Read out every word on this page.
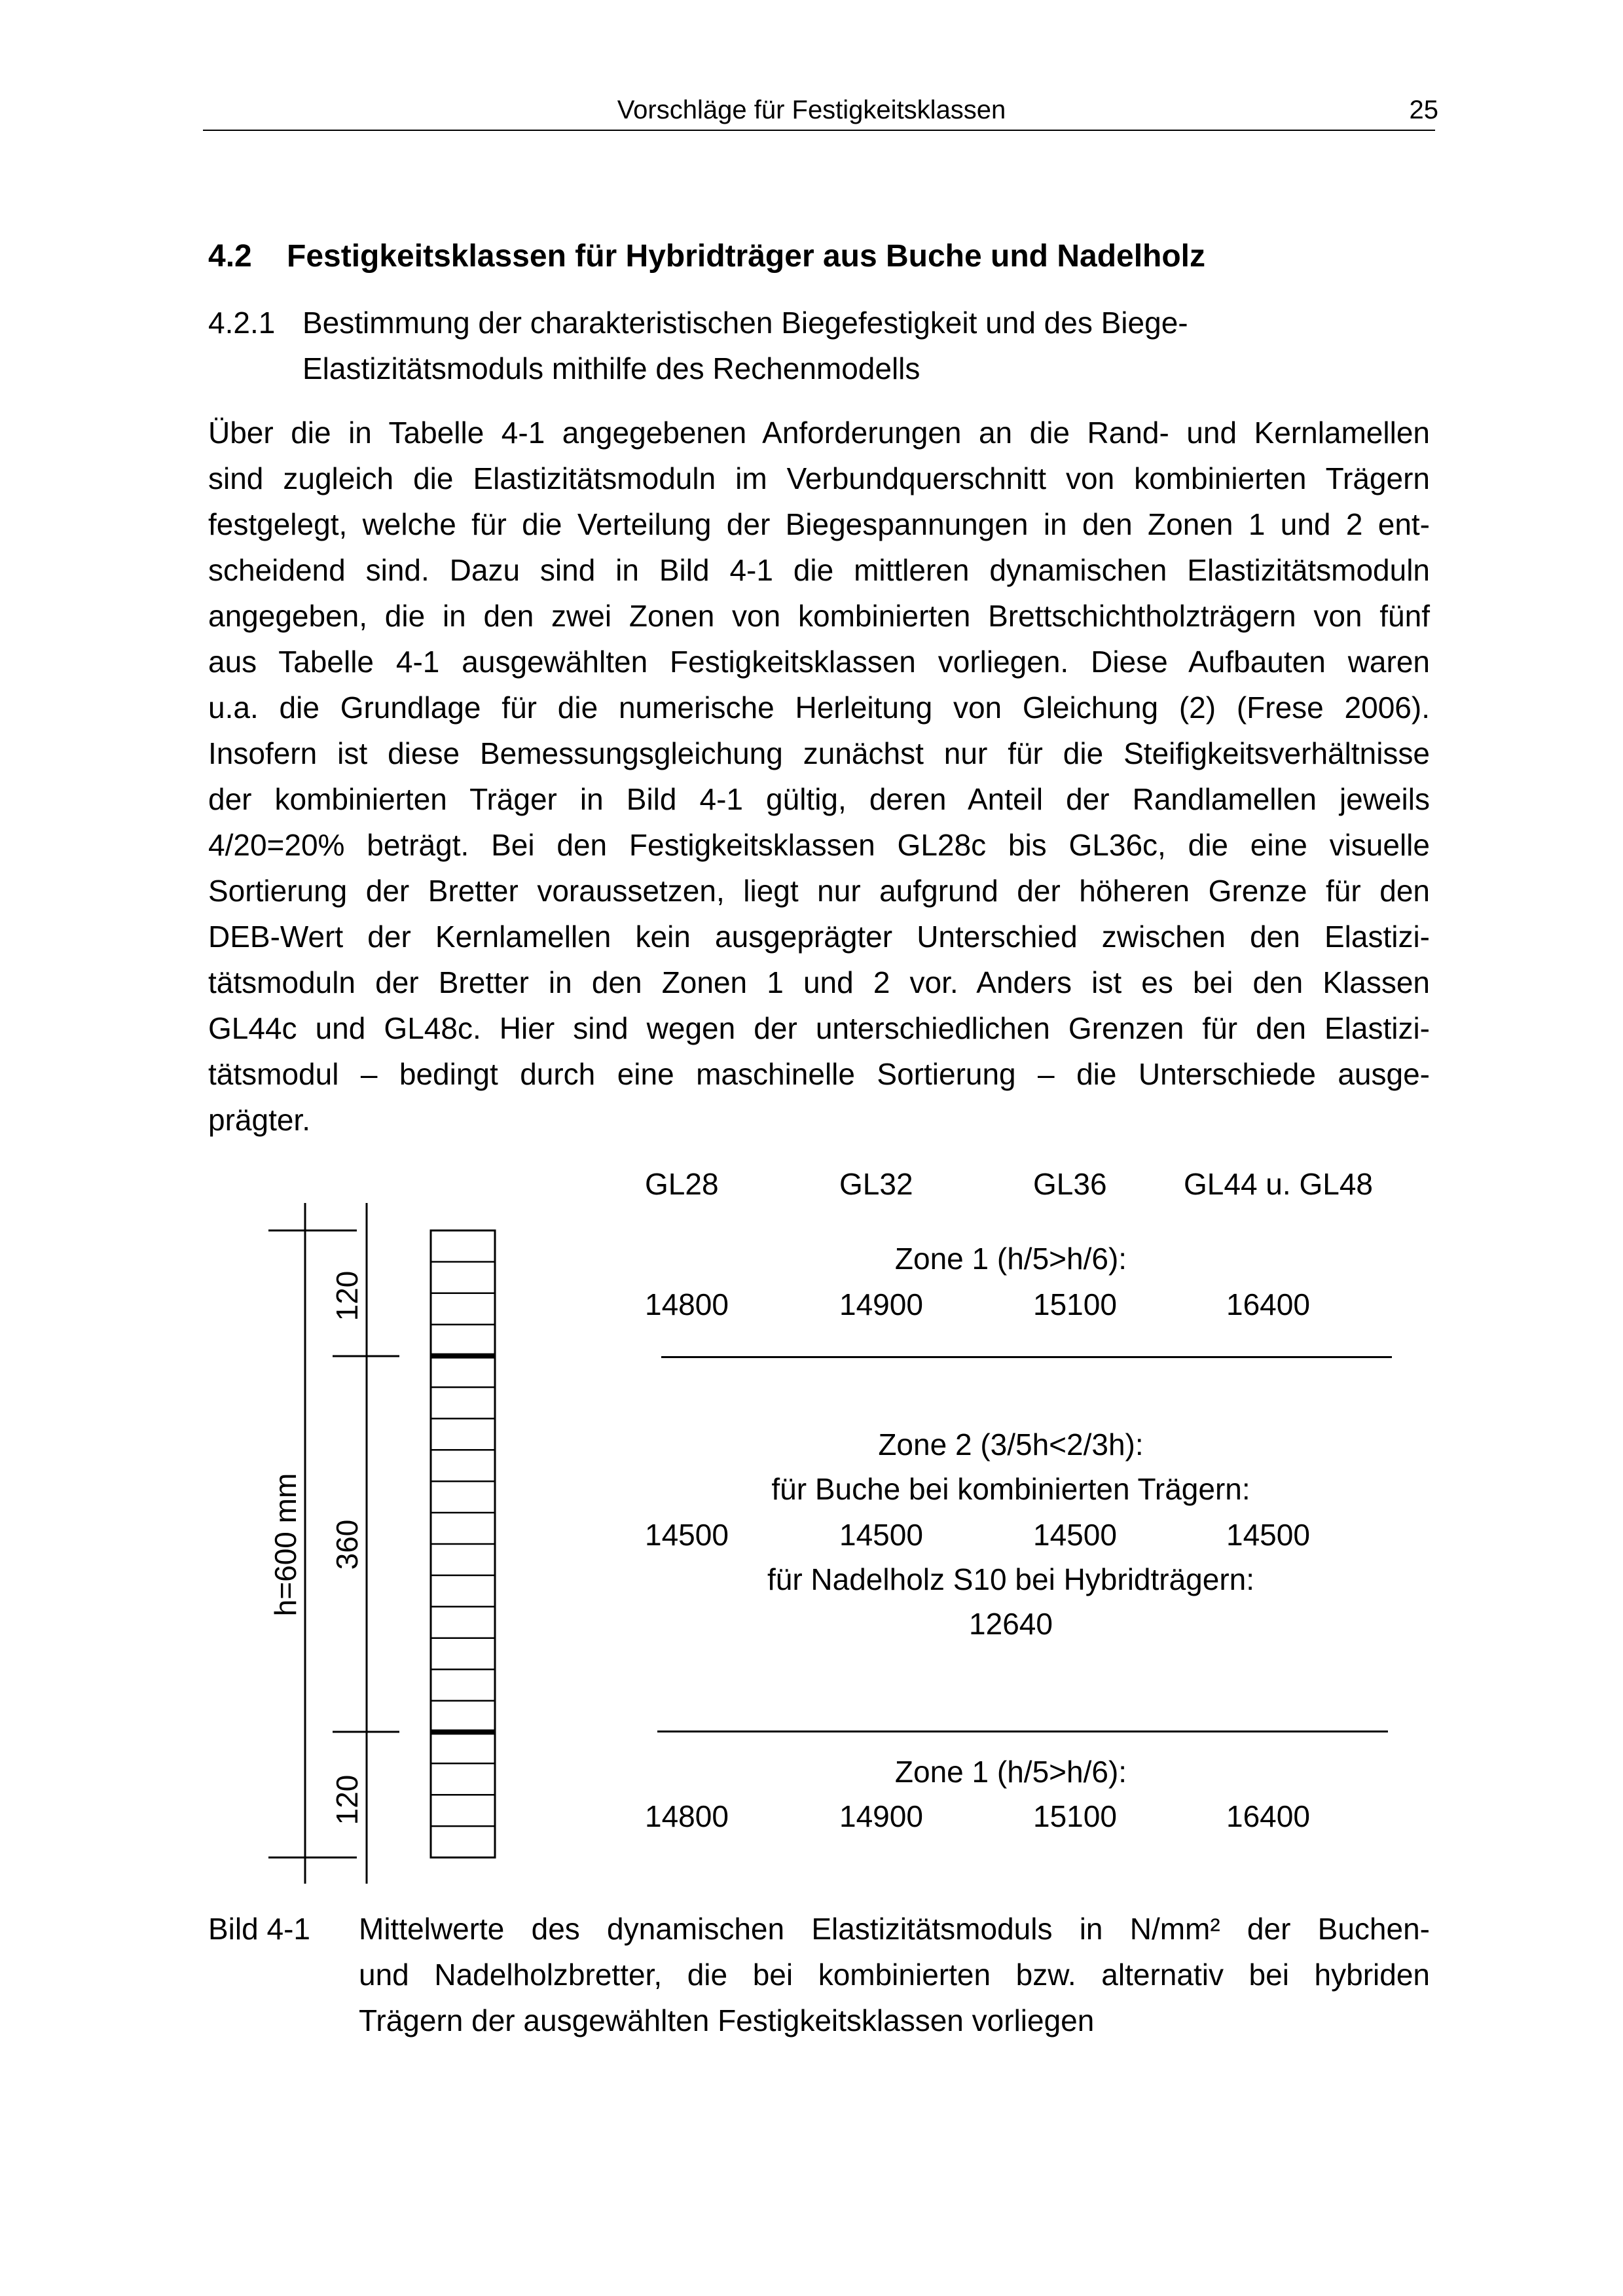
Vorschläge für Festigkeitsklassen	25
4.2 Festigkeitsklassen für Hybridträger aus Buche und Nadelholz
4.2.1 Bestimmung der charakteristischen Biegefestigkeit und des Biege-
Elastizitätsmoduls mithilfe des Rechenmodells
Über die in Tabelle 4-1 angegebenen Anforderungen an die Rand- und Kernlamellen
sind zugleich die Elastizitätsmoduln im Verbundquerschnitt von kombinierten Trägern
festgelegt, welche für die Verteilung der Biegespannungen in den Zonen 1 und 2 ent-
scheidend sind. Dazu sind in Bild 4-1 die mittleren dynamischen Elastizitätsmoduln
angegeben, die in den zwei Zonen von kombinierten Brettschichtholzträgern von fünf
aus Tabelle 4-1 ausgewählten Festigkeitsklassen vorliegen. Diese Aufbauten waren
u.a. die Grundlage für die numerische Herleitung von Gleichung (2) (Frese 2006).
Insofern ist diese Bemessungsgleichung zunächst nur für die Steifigkeitsverhältnisse
der kombinierten Träger in Bild 4-1 gültig, deren Anteil der Randlamellen jeweils
4/20=20% beträgt. Bei den Festigkeitsklassen GL28c bis GL36c, die eine visuelle
Sortierung der Bretter voraussetzen, liegt nur aufgrund der höheren Grenze für den
DEB-Wert der Kernlamellen kein ausgeprägter Unterschied zwischen den Elastizi-
tätsmoduln der Bretter in den Zonen 1 und 2 vor. Anders ist es bei den Klassen
GL44c und GL48c. Hier sind wegen der unterschiedlichen Grenzen für den Elastizi-
tätsmodul – bedingt durch eine maschinelle Sortierung – die Unterschiede ausge-
prägter.
h=600 mm
120
360
120
GL28	GL32	GL36	GL44 u. GL48
Zone 1 (h/5>h/6):
14800	14900	15100	16400
Zone 2 (3/5h<2/3h):
für Buche bei kombinierten Trägern:
14500	14500	14500	14500
für Nadelholz S10 bei Hybridträgern:
12640
Zone 1 (h/5>h/6):
14800	14900	15100	16400
Bild 4-1 Mittelwerte des dynamischen Elastizitätsmoduls in N/mm² der Buchen-
und Nadelholzbretter, die bei kombinierten bzw. alternativ bei hybriden
Trägern der ausgewählten Festigkeitsklassen vorliegen
